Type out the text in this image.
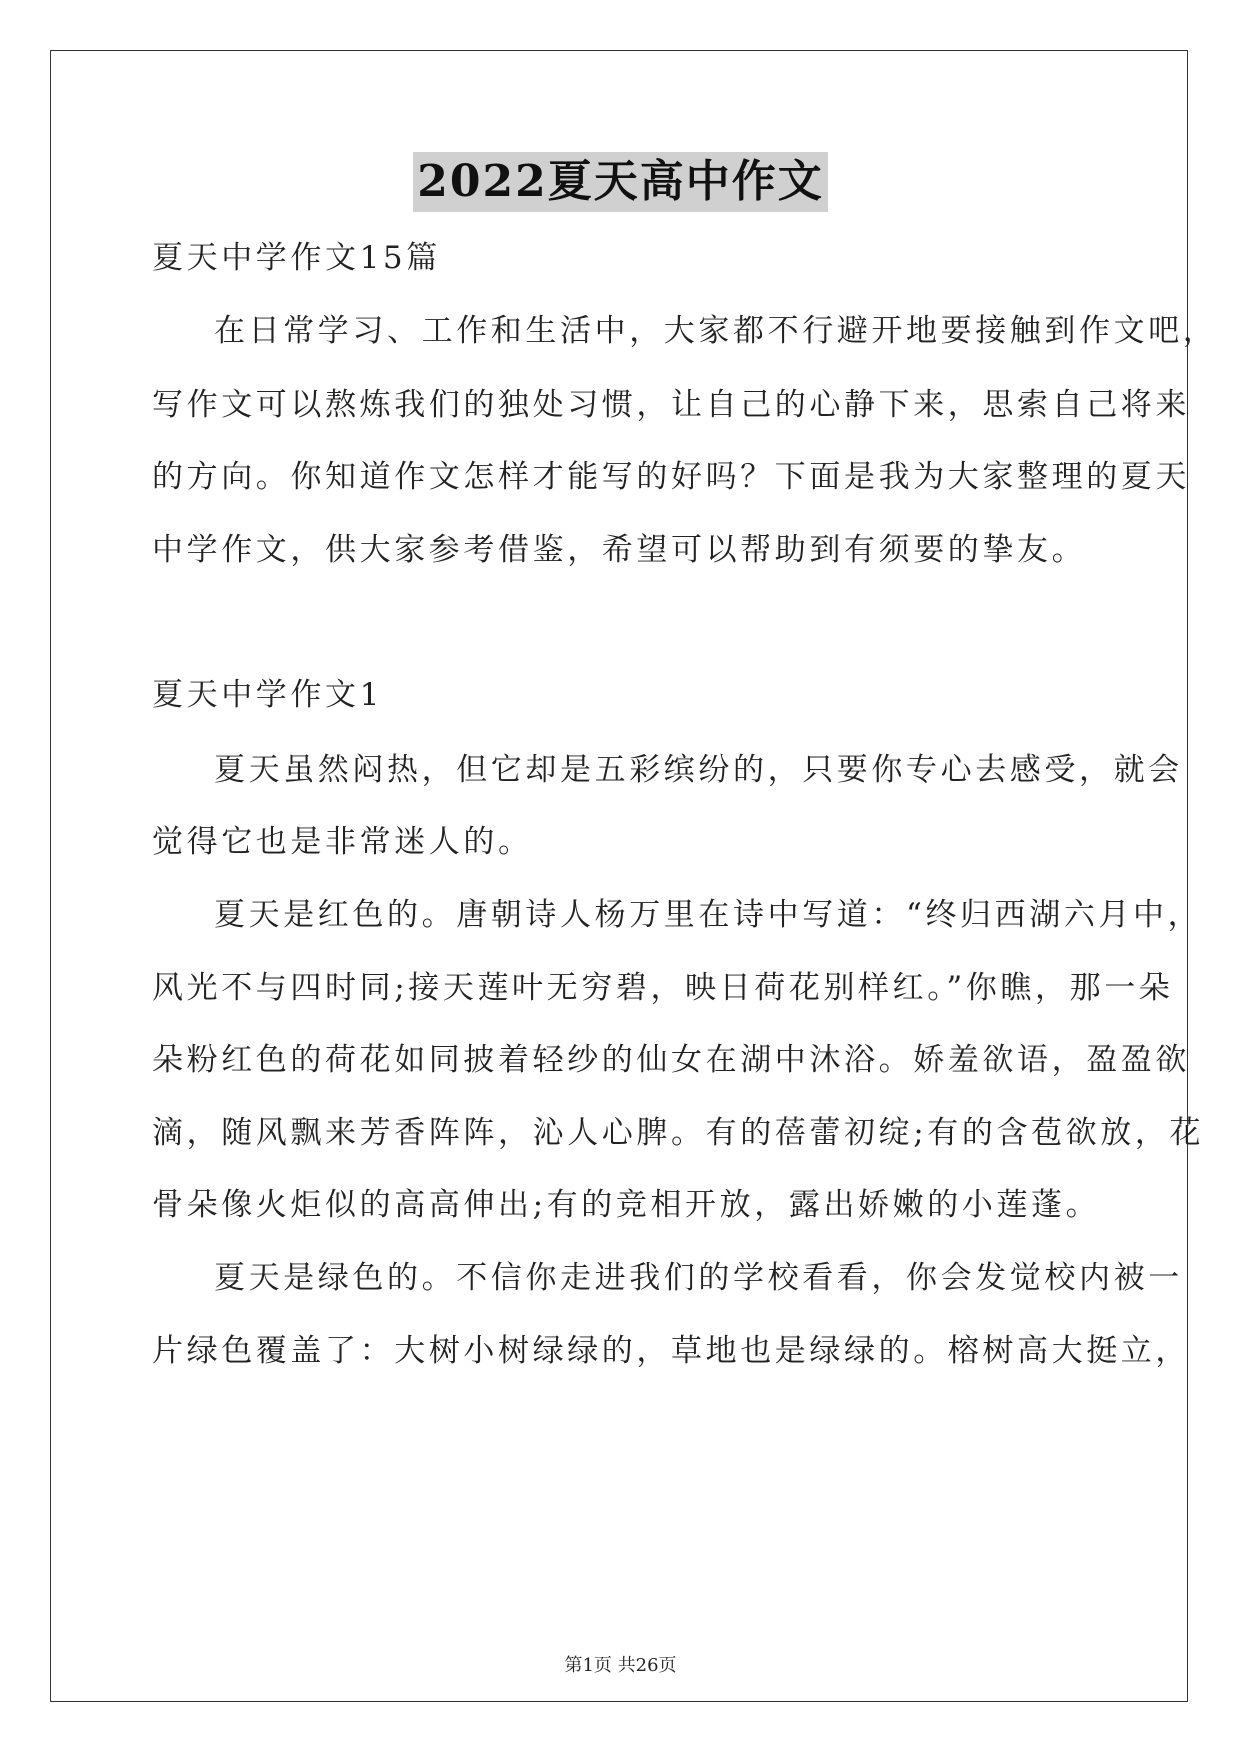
2022夏天高中作文
夏天中学作文15篇
在日常学习、工作和生活中，大家都不行避开地要接触到作文吧，
写作文可以熬炼我们的独处习惯，让自己的心静下来，思索自己将来
的方向。你知道作文怎样才能写的好吗？下面是我为大家整理的夏天
中学作文，供大家参考借鉴，希望可以帮助到有须要的挚友。
夏天中学作文1
夏天虽然闷热，但它却是五彩缤纷的，只要你专心去感受，就会
觉得它也是非常迷人的。
夏天是红色的。唐朝诗人杨万里在诗中写道：“终归西湖六月中，
风光不与四时同;接天莲叶无穷碧，映日荷花别样红。”你瞧，那一朵
朵粉红色的荷花如同披着轻纱的仙女在湖中沐浴。娇羞欲语，盈盈欲
滴，随风飘来芳香阵阵，沁人心脾。有的蓓蕾初绽;有的含苞欲放，花
骨朵像火炬似的高高伸出;有的竞相开放，露出娇嫩的小莲蓬。
夏天是绿色的。不信你走进我们的学校看看，你会发觉校内被一
片绿色覆盖了：大树小树绿绿的，草地也是绿绿的。榕树高大挺立，
第1页 共26页
